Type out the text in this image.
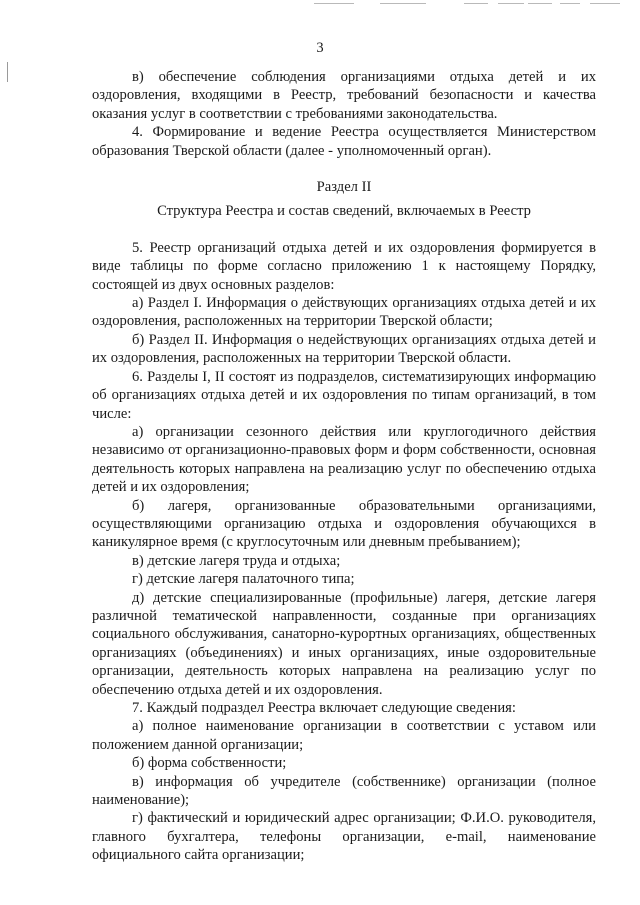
3

в) обеспечение соблюдения организациями отдыха детей и их оздоровления, входящими в Реестр, требований безопасности и качества оказания услуг в соответствии с требованиями законодательства.

4. Формирование и ведение Реестра осуществляется Министерством образования Тверской области (далее - уполномоченный орган).

Раздел II

Структура Реестра и состав сведений, включаемых в Реестр

5. Реестр организаций отдыха детей и их оздоровления формируется в виде таблицы по форме согласно приложению 1 к настоящему Порядку, состоящей из двух основных разделов:

а) Раздел I. Информация о действующих организациях отдыха детей и их оздоровления, расположенных на территории Тверской области;

б) Раздел II. Информация о недействующих организациях отдыха детей и их оздоровления, расположенных на территории Тверской области.

6. Разделы I, II состоят из подразделов, систематизирующих информацию об организациях отдыха детей и их оздоровления по типам организаций, в том числе:

а) организации сезонного действия или круглогодичного действия независимо от организационно-правовых форм и форм собственности, основная деятельность которых направлена на реализацию услуг по обеспечению отдыха детей и их оздоровления;

б) лагеря, организованные образовательными организациями, осуществляющими организацию отдыха и оздоровления обучающихся в каникулярное время (с круглосуточным или дневным пребыванием);

в) детские лагеря труда и отдыха;

г) детские лагеря палаточного типа;

д) детские специализированные (профильные) лагеря, детские лагеря различной тематической направленности, созданные при организациях социального обслуживания, санаторно-курортных организациях, общественных организациях (объединениях) и иных организациях, иные оздоровительные организации, деятельность которых направлена на реализацию услуг по обеспечению отдыха детей и их оздоровления.

7. Каждый подраздел Реестра включает следующие сведения:

а) полное наименование организации в соответствии с уставом или положением данной организации;

б) форма собственности;

в) информация об учредителе (собственнике) организации (полное наименование);

г) фактический и юридический адрес организации; Ф.И.О. руководителя, главного бухгалтера, телефоны организации, e-mail, наименование официального сайта организации;
